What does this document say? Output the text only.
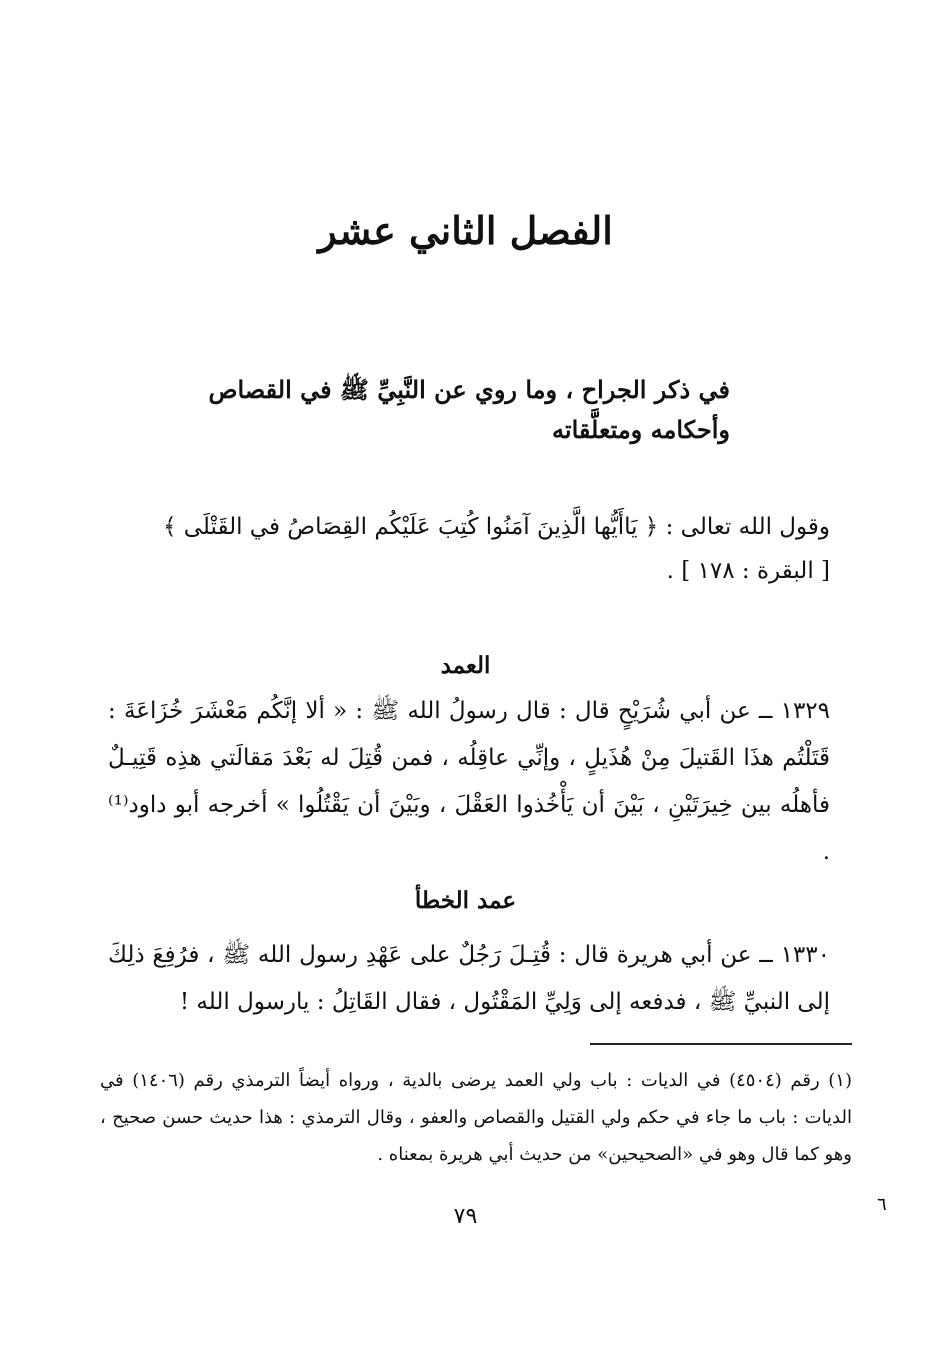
الفصل الثاني عشر
في ذكر الجراح ، وما روي عن النَّبِيِّ ﷺ في القصاص
وأحكامه ومتعلَّقاته
وقول الله تعالى : ﴿ يَاأَيُّها الَّذِينَ آمَنُوا كُتِبَ عَلَيْكُم القِصَاصُ في القَتْلَى ﴾
[ البقرة : ١٧٨ ] .
العمد

١٣٢٩ ــ عن أبي شُرَيْحٍ قال : قال رسولُ الله ﷺ : « ألا إنَّكُم مَعْشَرَ خُزَاعَةَ : قَتَلْتُم هذَا القَتيلَ مِنْ هُذَيلٍ ، وإنِّي عاقِلُه ، فمن قُتِلَ له بَعْدَ مَقالَتي هذِه قَتِيـلٌ فأهلُه بين خِيرَتَيْنِ ، بَيْنَ أن يَأْخُذوا العَقْلَ ، وبَيْنَ أن يَقْتُلُوا » أخرجه أبو داود⁽¹⁾ .

عمد الخطأ

١٣٣٠ ــ عن أبي هريرة قال : قُتِـلَ رَجُلٌ على عَهْدِ رسول الله ﷺ ، فرُفِعَ ذلِكَ إلى النبيِّ ﷺ ، فدفعه إلى وَلِيِّ المَقْتُول ، فقال القَاتِلُ : يارسول الله !

(١) رقم (٤٥٠٤) في الديات : باب ولي العمد يرضى بالدية ، ورواه أيضاً الترمذي رقم (١٤٠٦) في الديات : باب ما جاء في حكم ولي القتيل والقصاص والعفو ، وقال الترمذي : هذا حديث حسن صحيح ، وهو كما قال وهو في «الصحيحين» من حديث أبي هريرة بمعناه .

٧٩	٦
